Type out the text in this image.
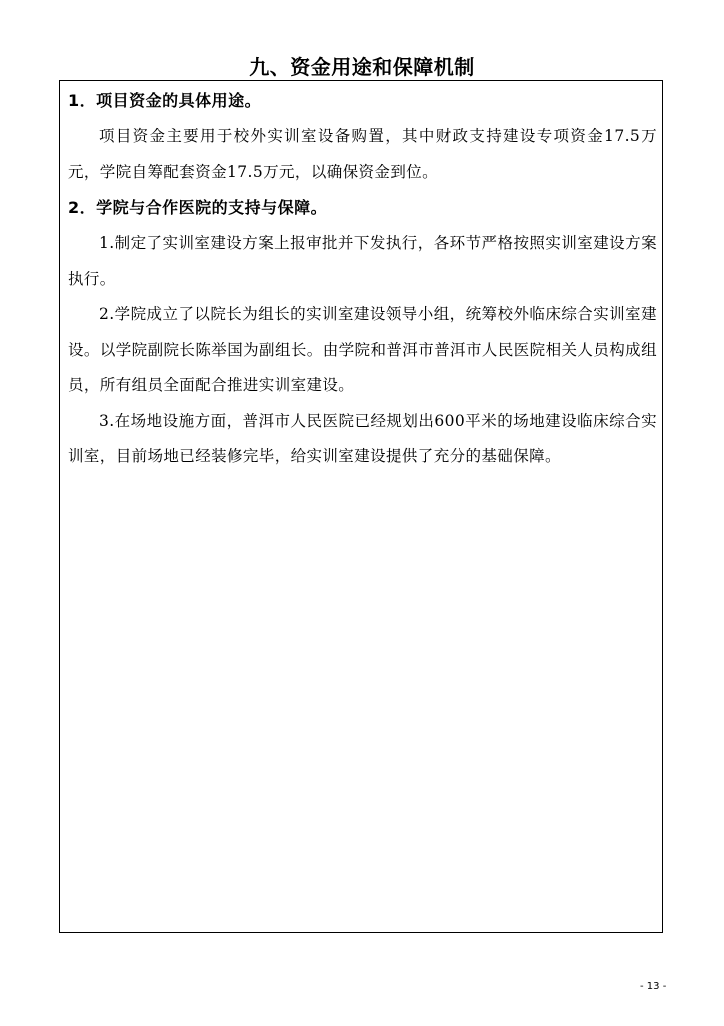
九、资金用途和保障机制

1．项目资金的具体用途。

项目资金主要用于校外实训室设备购置，其中财政支持建设专项资金17.5万元，学院自筹配套资金17.5万元，以确保资金到位。

2．学院与合作医院的支持与保障。

1.制定了实训室建设方案上报审批并下发执行，各环节严格按照实训室建设方案执行。

2.学院成立了以院长为组长的实训室建设领导小组，统筹校外临床综合实训室建设。以学院副院长陈举国为副组长。由学院和普洱市普洱市人民医院相关人员构成组员，所有组员全面配合推进实训室建设。

3.在场地设施方面，普洱市人民医院已经规划出600平米的场地建设临床综合实训室，目前场地已经装修完毕，给实训室建设提供了充分的基础保障。

- 13 -
